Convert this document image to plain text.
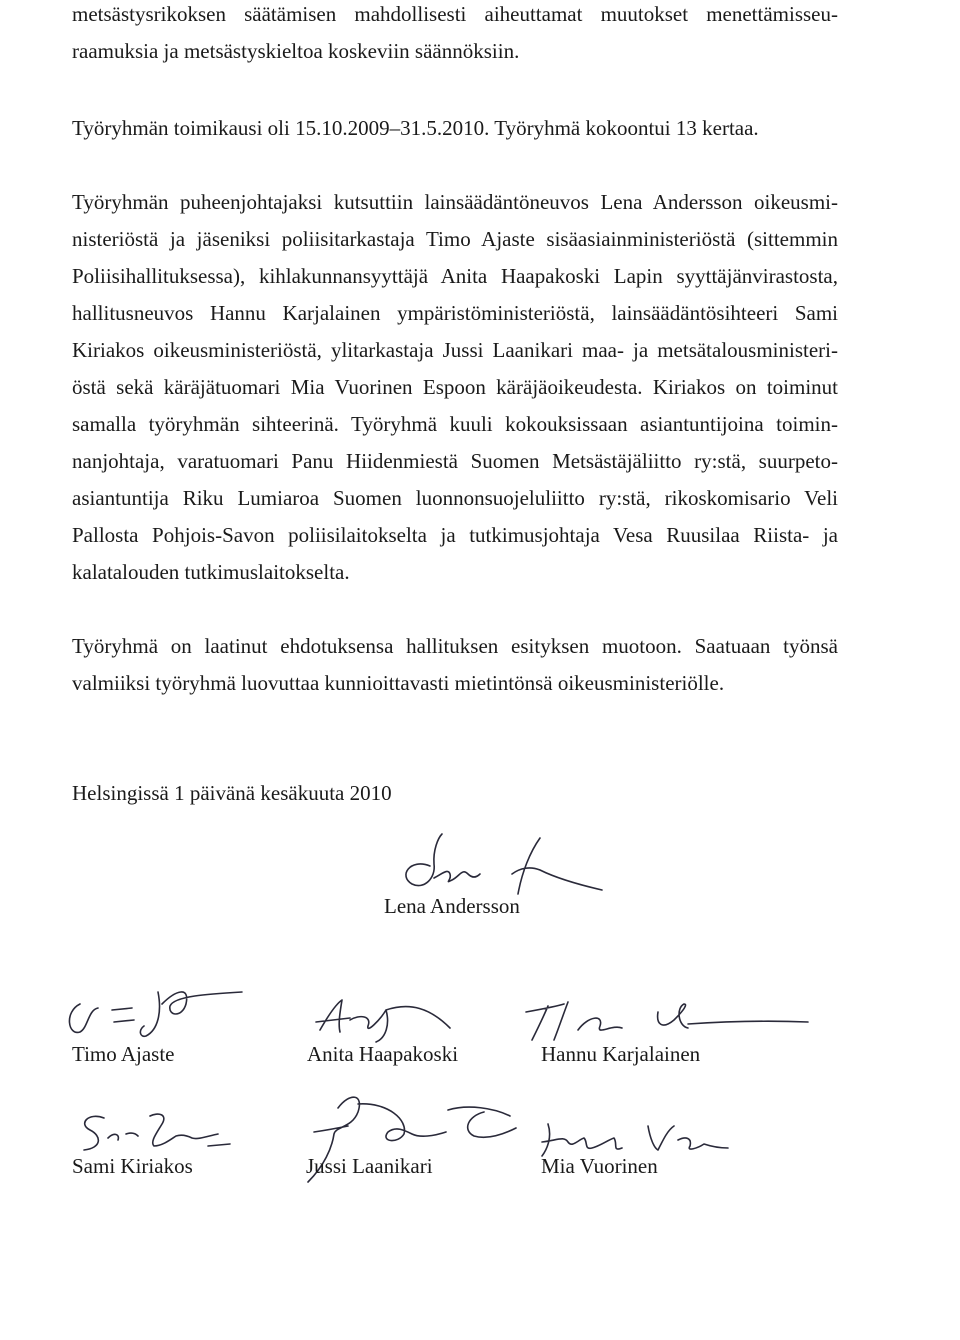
metsästysrikoksen säätämisen mahdollisesti aiheuttamat muutokset menettämisseu-
raamuksia ja metsästyskieltoa koskeviin säännöksiin.

Työryhmän toimikausi oli 15.10.2009–31.5.2010. Työryhmä kokoontui 13 kertaa.

Työryhmän puheenjohtajaksi kutsuttiin lainsäädäntöneuvos Lena Andersson oikeusmi-
nisteriöstä ja jäseniksi poliisitarkastaja Timo Ajaste sisäasiainministeriöstä (sittemmin
Poliisihallituksessa), kihlakunnansyyttäjä Anita Haapakoski Lapin syyttäjänvirastosta,
hallitusneuvos Hannu Karjalainen ympäristöministeriöstä, lainsäädäntösihteeri Sami
Kiriakos oikeusministeriöstä, ylitarkastaja Jussi Laanikari maa- ja metsätalousministeri-
östä sekä käräjätuomari Mia Vuorinen Espoon käräjäoikeudesta. Kiriakos on toiminut
samalla työryhmän sihteerinä. Työryhmä kuuli kokouksissaan asiantuntijoina toimin-
nanjohtaja, varatuomari Panu Hiidenmiestä Suomen Metsästäjäliitto ry:stä, suurpeto-
asiantuntija Riku Lumiaroa Suomen luonnonsuojeluliitto ry:stä, rikoskomisario Veli
Pallosta Pohjois-Savon poliisilaitokselta ja tutkimusjohtaja Vesa Ruusilaa Riista- ja
kalatalouden tutkimuslaitokselta.

Työryhmä on laatinut ehdotuksensa hallituksen esityksen muotoon. Saatuaan työnsä
valmiiksi työryhmä luovuttaa kunnioittavasti mietintönsä oikeusministeriölle.

Helsingissä 1 päivänä kesäkuuta 2010

Lena Andersson
Timo Ajaste	Anita Haapakoski	Hannu Karjalainen
Sami Kiriakos	Jussi Laanikari	Mia Vuorinen
